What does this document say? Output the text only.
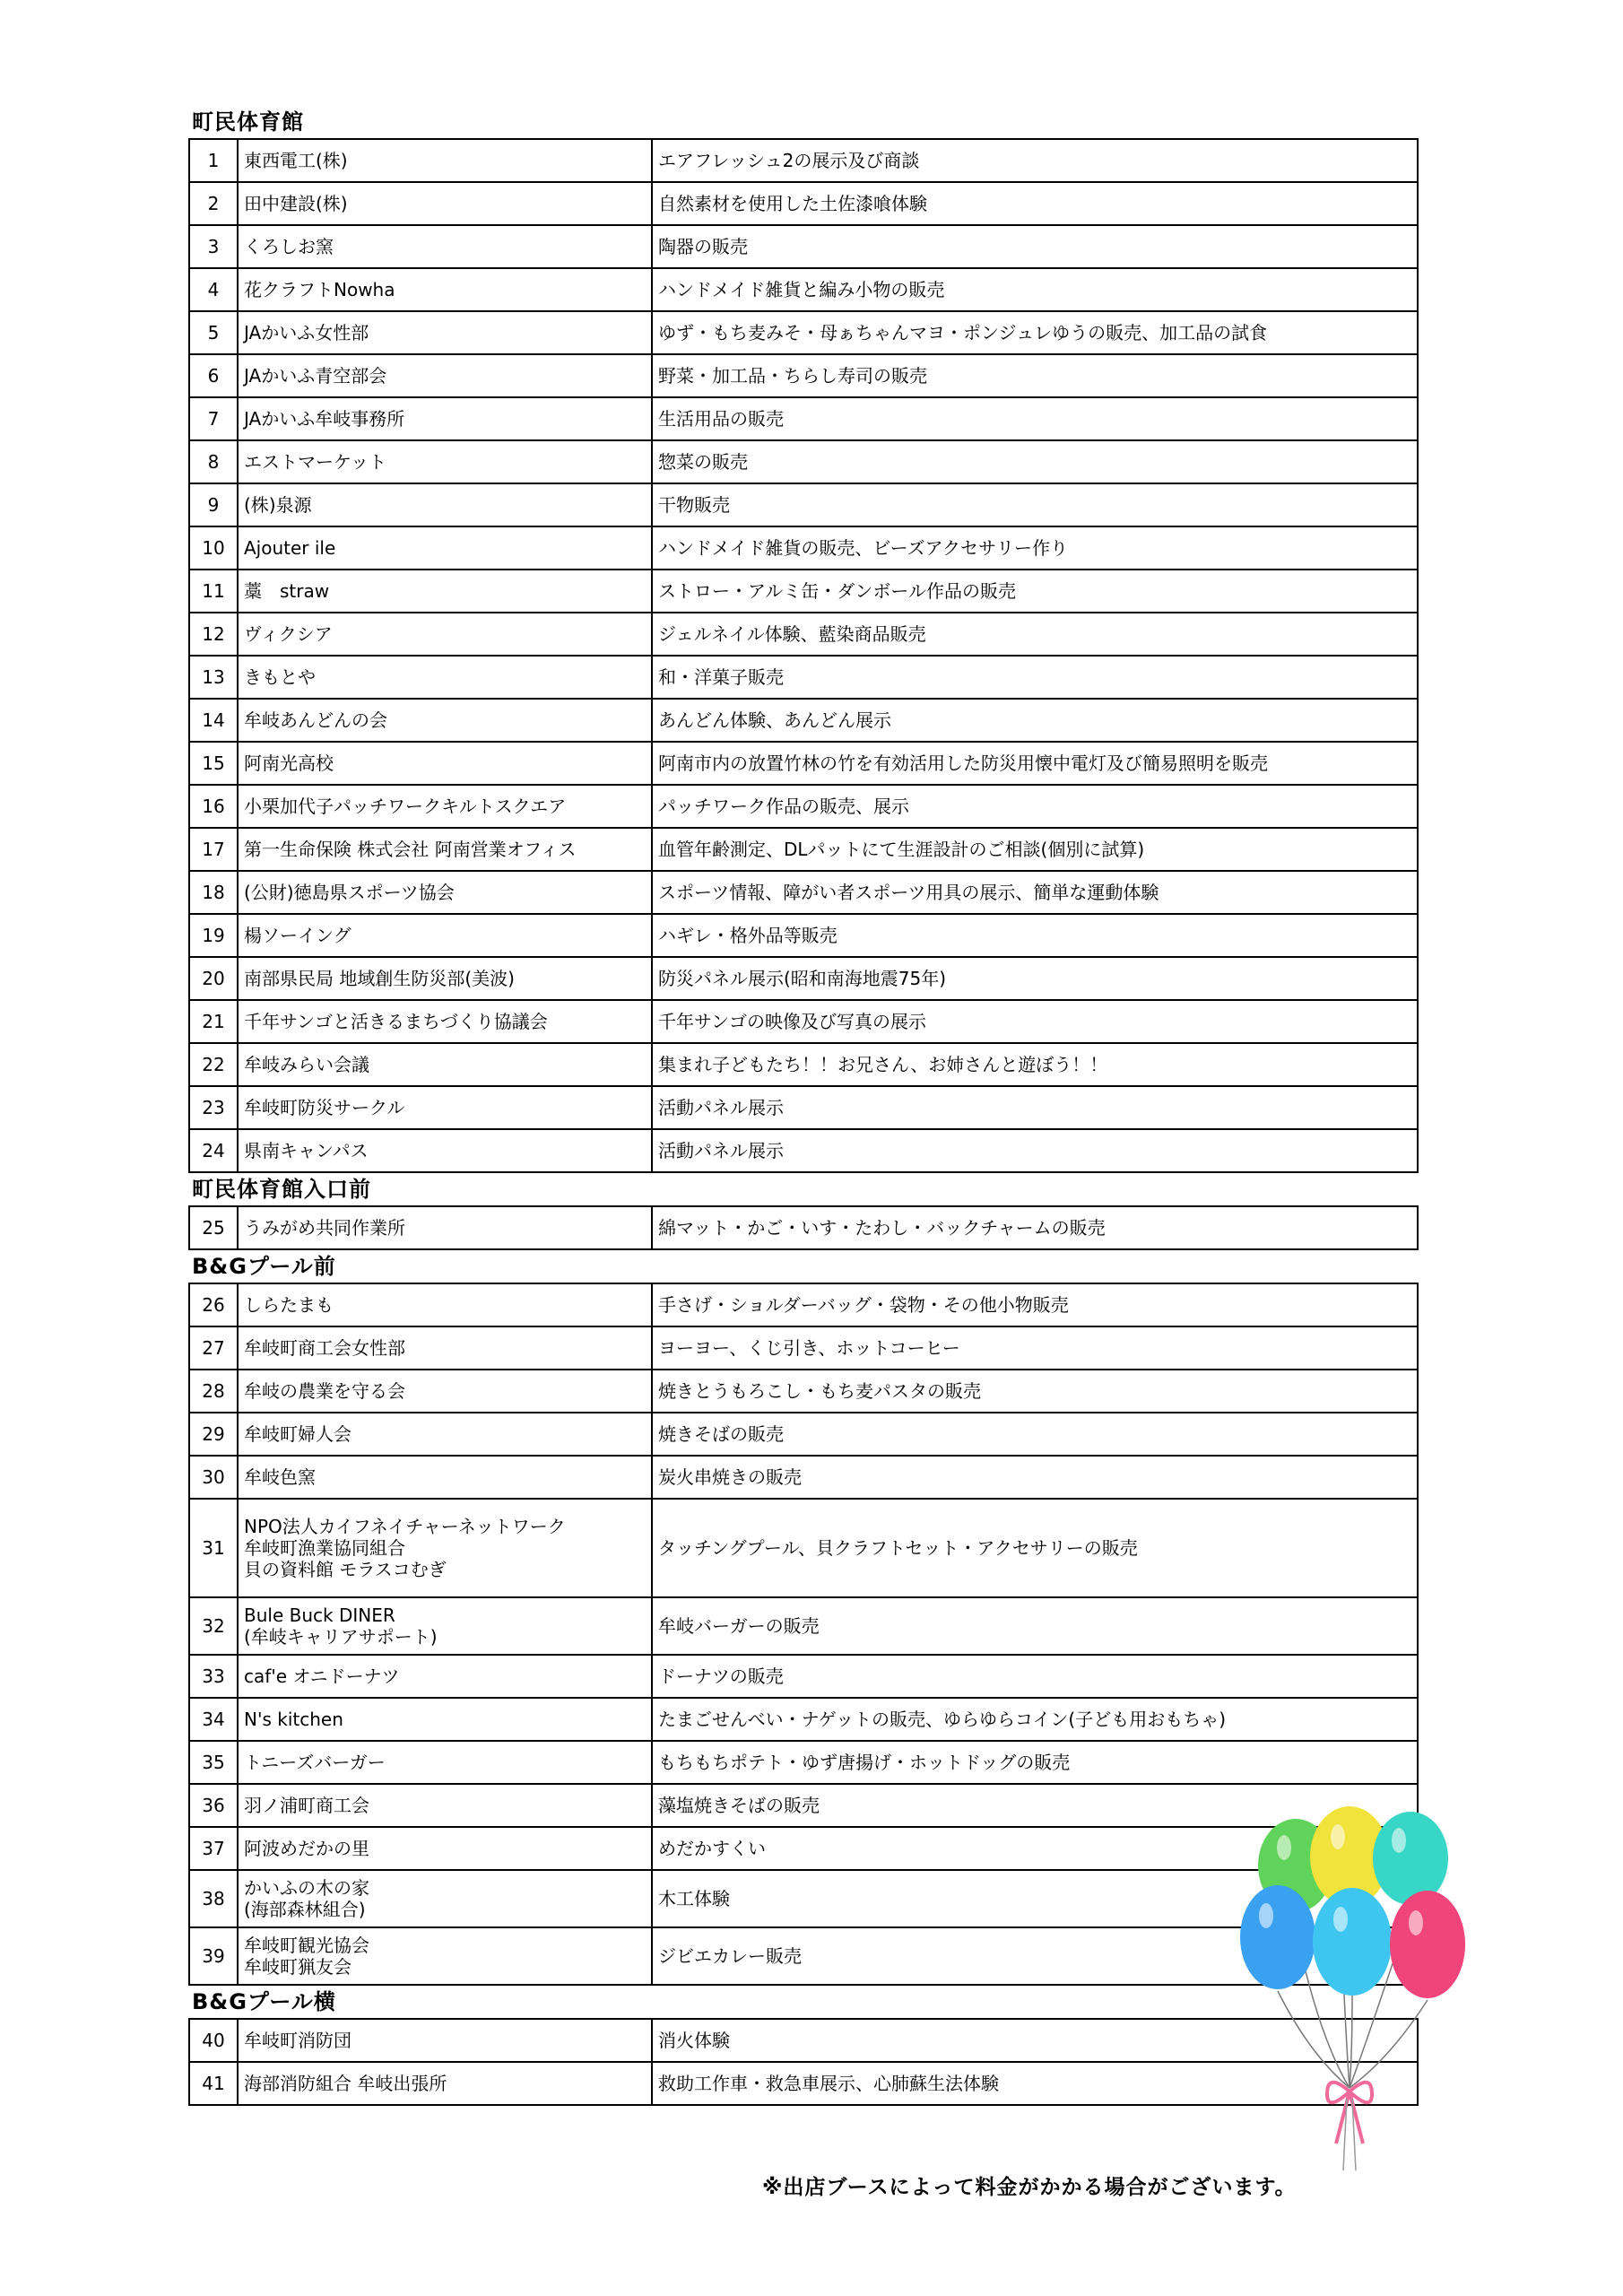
町民体育館
1	東西電工(株)	エアフレッシュ2の展示及び商談
2	田中建設(株)	自然素材を使用した土佐漆喰体験
3	くろしお窯	陶器の販売
4	花クラフトNowha	ハンドメイド雑貨と編み小物の販売
5	JAかいふ女性部	ゆず・もち麦みそ・母ぁちゃんマヨ・ポンジュレゆうの販売、加工品の試食
6	JAかいふ青空部会	野菜・加工品・ちらし寿司の販売
7	JAかいふ牟岐事務所	生活用品の販売
8	エストマーケット	惣菜の販売
9	(株)泉源	干物販売
10	Ajouter ile	ハンドメイド雑貨の販売、ビーズアクセサリー作り
11	藁　straw	ストロー・アルミ缶・ダンボール作品の販売
12	ヴィクシア	ジェルネイル体験、藍染商品販売
13	きもとや	和・洋菓子販売
14	牟岐あんどんの会	あんどん体験、あんどん展示
15	阿南光高校	阿南市内の放置竹林の竹を有効活用した防災用懐中電灯及び簡易照明を販売
16	小栗加代子パッチワークキルトスクエア	パッチワーク作品の販売、展示
17	第一生命保険 株式会社 阿南営業オフィス	血管年齢測定、DLパットにて生涯設計のご相談(個別に試算)
18	(公財)徳島県スポーツ協会	スポーツ情報、障がい者スポーツ用具の展示、簡単な運動体験
19	楊ソーイング	ハギレ・格外品等販売
20	南部県民局 地域創生防災部(美波)	防災パネル展示(昭和南海地震75年)
21	千年サンゴと活きるまちづくり協議会	千年サンゴの映像及び写真の展示
22	牟岐みらい会議	集まれ子どもたち！！お兄さん、お姉さんと遊ぼう！！
23	牟岐町防災サークル	活動パネル展示
24	県南キャンパス	活動パネル展示
町民体育館入口前
25	うみがめ共同作業所	綿マット・かご・いす・たわし・バックチャームの販売
B&Gプール前
26	しらたまも	手さげ・ショルダーバッグ・袋物・その他小物販売
27	牟岐町商工会女性部	ヨーヨー、くじ引き、ホットコーヒー
28	牟岐の農業を守る会	焼きとうもろこし・もち麦パスタの販売
29	牟岐町婦人会	焼きそばの販売
30	牟岐色窯	炭火串焼きの販売
31	NPO法人カイフネイチャーネットワーク
牟岐町漁業協同組合
貝の資料館 モラスコむぎ	タッチングプール、貝クラフトセット・アクセサリーの販売
32	Bule Buck DINER
(牟岐キャリアサポート)	牟岐バーガーの販売
33	caf'e オニドーナツ	ドーナツの販売
34	N's kitchen	たまごせんべい・ナゲットの販売、ゆらゆらコイン(子ども用おもちゃ)
35	トニーズバーガー	もちもちポテト・ゆず唐揚げ・ホットドッグの販売
36	羽ノ浦町商工会	藻塩焼きそばの販売
37	阿波めだかの里	めだかすくい
38	かいふの木の家
(海部森林組合)	木工体験
39	牟岐町観光協会
牟岐町猟友会	ジビエカレー販売
B&Gプール横
40	牟岐町消防団	消火体験
41	海部消防組合 牟岐出張所	救助工作車・救急車展示、心肺蘇生法体験
※出店ブースによって料金がかかる場合がございます。
